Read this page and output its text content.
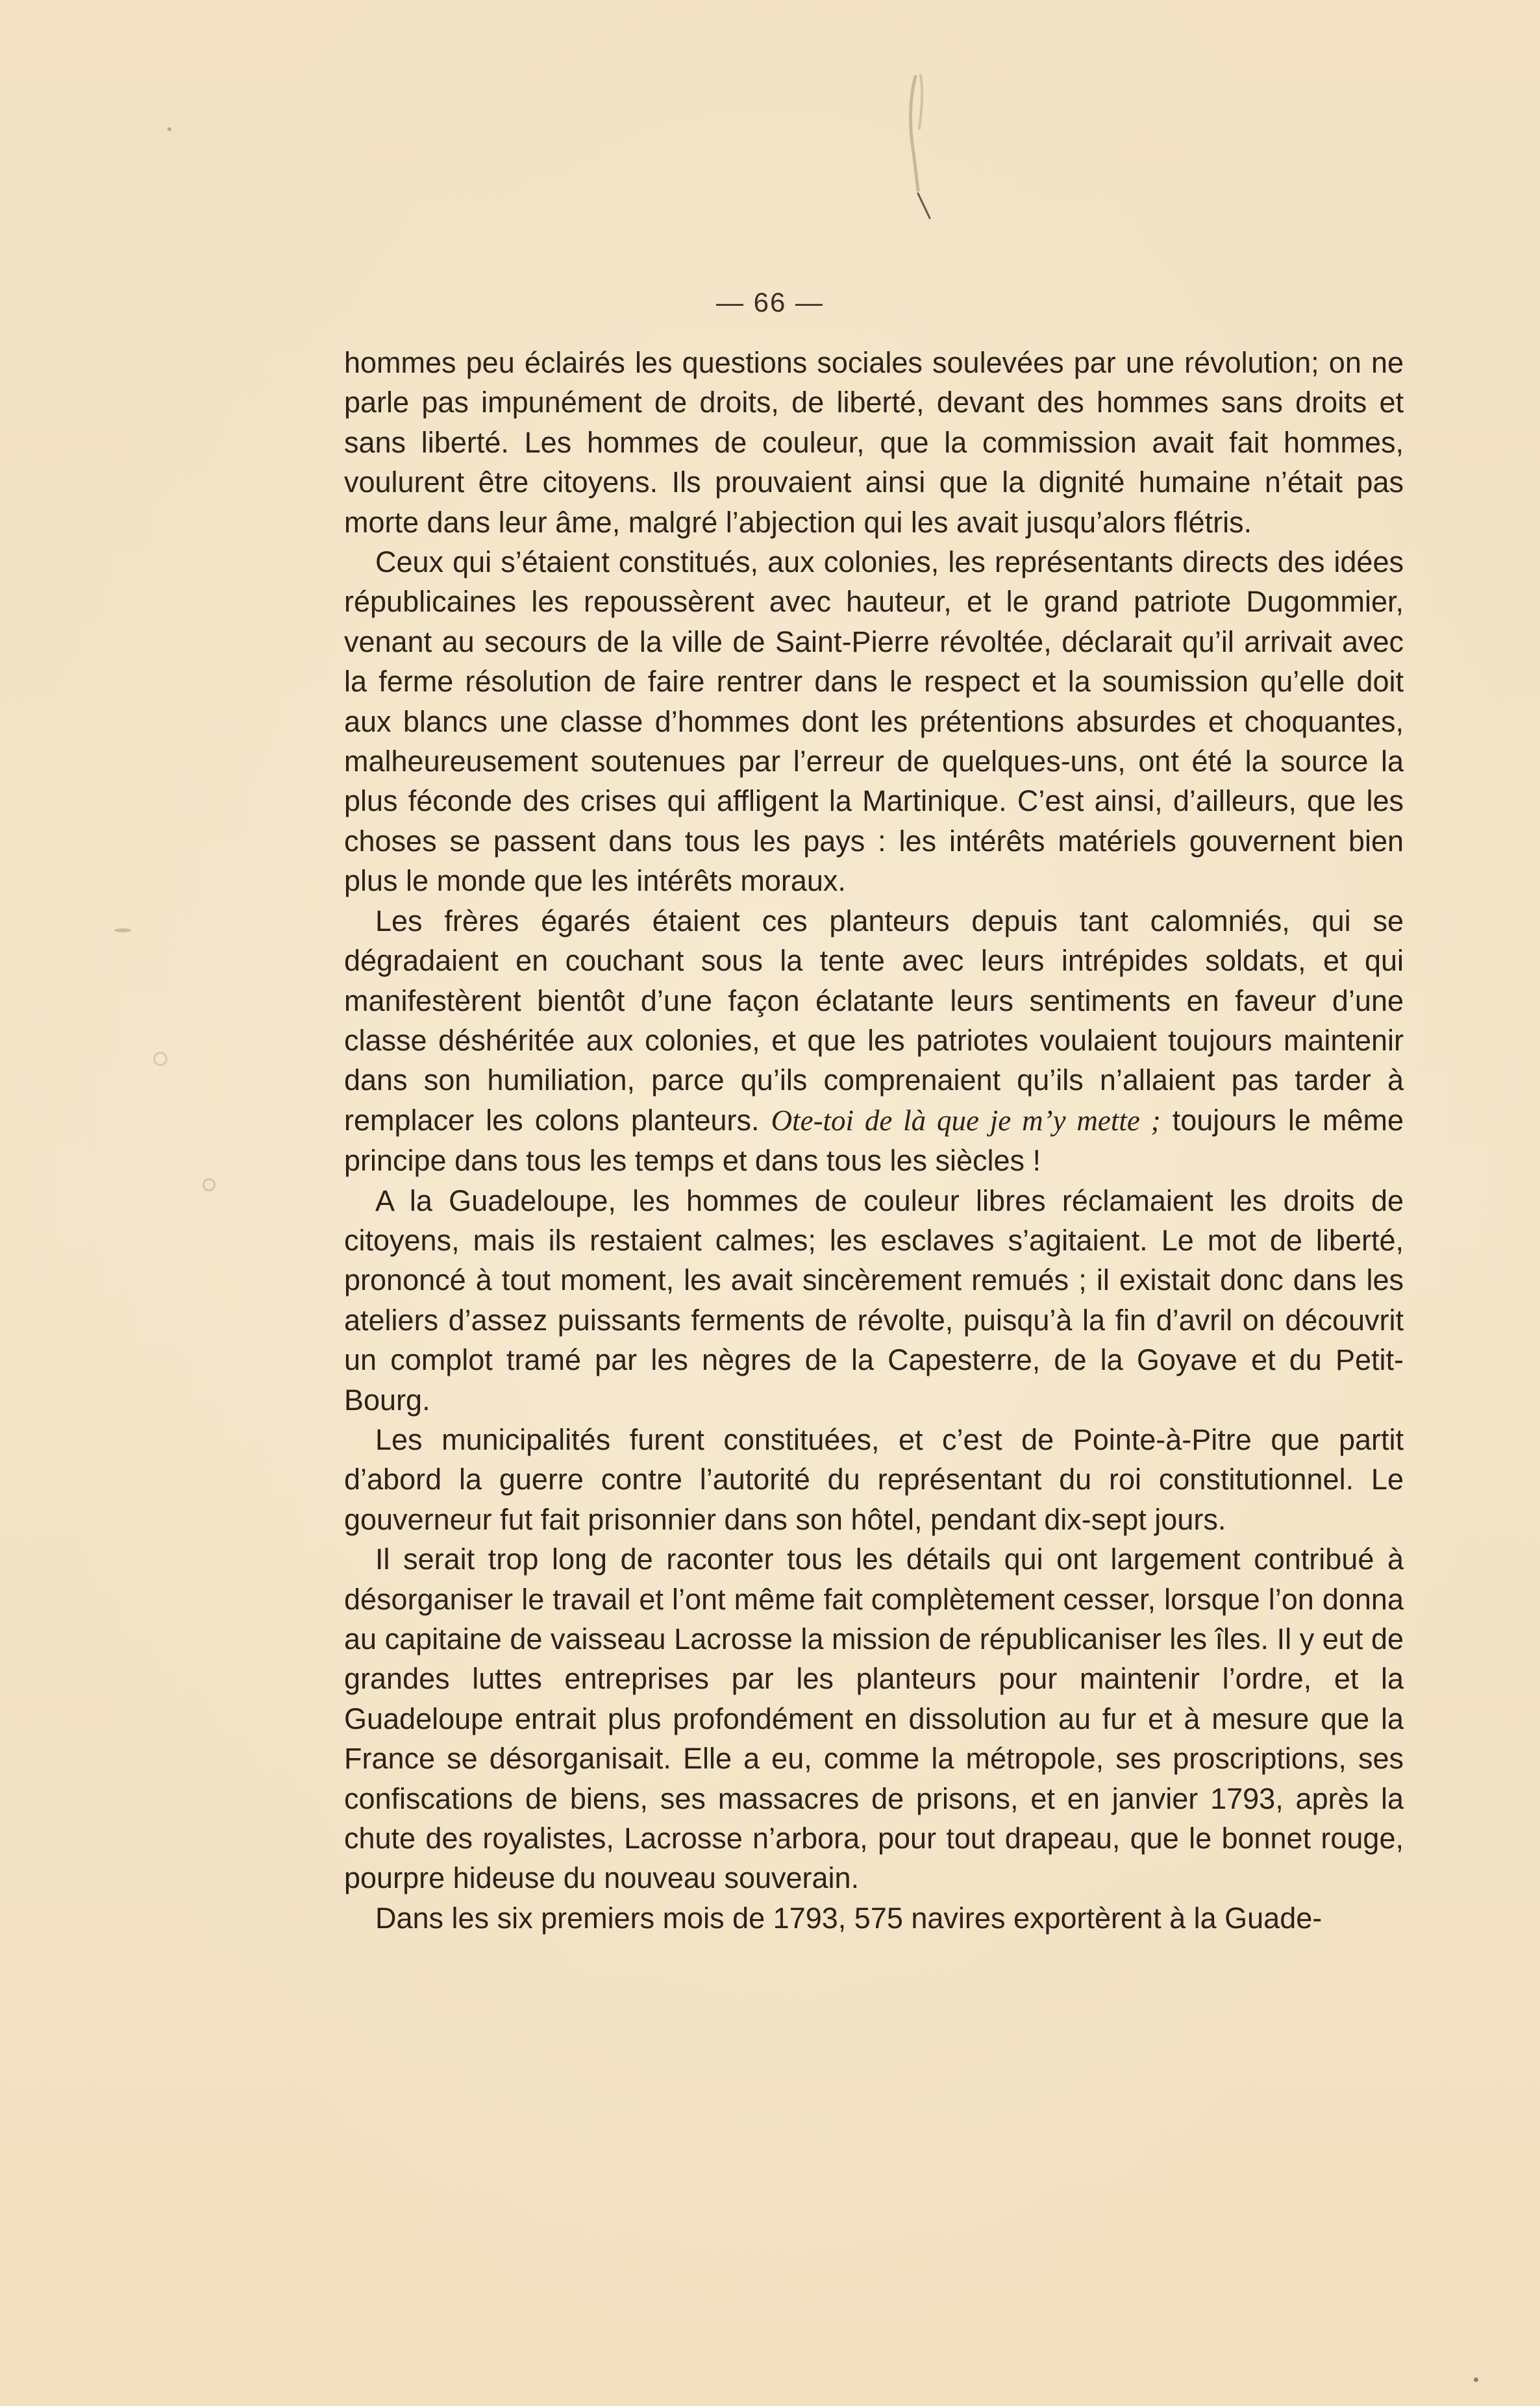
— 66 —

hommes peu éclairés les questions sociales soulevées par une révolution; on ne parle pas impunément de droits, de liberté, devant des hommes sans droits et sans liberté. Les hommes de couleur, que la commission avait fait hommes, voulurent être citoyens. Ils prouvaient ainsi que la dignité humaine n’était pas morte dans leur âme, malgré l’abjection qui les avait jusqu’alors flétris.

Ceux qui s’étaient constitués, aux colonies, les représentants directs des idées républicaines les repoussèrent avec hauteur, et le grand patriote Dugommier, venant au secours de la ville de Saint-Pierre révoltée, déclarait qu’il arrivait avec la ferme résolution de faire rentrer dans le respect et la soumission qu’elle doit aux blancs une classe d’hommes dont les prétentions absurdes et choquantes, malheureusement soutenues par l’erreur de quelques-uns, ont été la source la plus féconde des crises qui affligent la Martinique. C’est ainsi, d’ailleurs, que les choses se passent dans tous les pays : les intérêts matériels gouvernent bien plus le monde que les intérêts moraux.

Les frères égarés étaient ces planteurs depuis tant calomniés, qui se dégradaient en couchant sous la tente avec leurs intrépides soldats, et qui manifestèrent bientôt d’une façon éclatante leurs sentiments en faveur d’une classe déshéritée aux colonies, et que les patriotes voulaient toujours maintenir dans son humiliation, parce qu’ils comprenaient qu’ils n’allaient pas tarder à remplacer les colons planteurs. Ote-toi de là que je m’y mette ; toujours le même principe dans tous les temps et dans tous les siècles !

A la Guadeloupe, les hommes de couleur libres réclamaient les droits de citoyens, mais ils restaient calmes; les esclaves s’agitaient. Le mot de liberté, prononcé à tout moment, les avait sincèrement remués ; il existait donc dans les ateliers d’assez puissants ferments de révolte, puisqu’à la fin d’avril on découvrit un complot tramé par les nègres de la Capesterre, de la Goyave et du Petit-Bourg.

Les municipalités furent constituées, et c’est de Pointe-à-Pitre que partit d’abord la guerre contre l’autorité du représentant du roi constitutionnel. Le gouverneur fut fait prisonnier dans son hôtel, pendant dix-sept jours.

Il serait trop long de raconter tous les détails qui ont largement contribué à désorganiser le travail et l’ont même fait complètement cesser, lorsque l’on donna au capitaine de vaisseau Lacrosse la mission de républicaniser les îles. Il y eut de grandes luttes entreprises par les planteurs pour maintenir l’ordre, et la Guadeloupe entrait plus profondément en dissolution au fur et à mesure que la France se désorganisait. Elle a eu, comme la métropole, ses proscriptions, ses confiscations de biens, ses massacres de prisons, et en janvier 1793, après la chute des royalistes, Lacrosse n’arbora, pour tout drapeau, que le bonnet rouge, pourpre hideuse du nouveau souverain.

Dans les six premiers mois de 1793, 575 navires exportèrent à la Guade-
